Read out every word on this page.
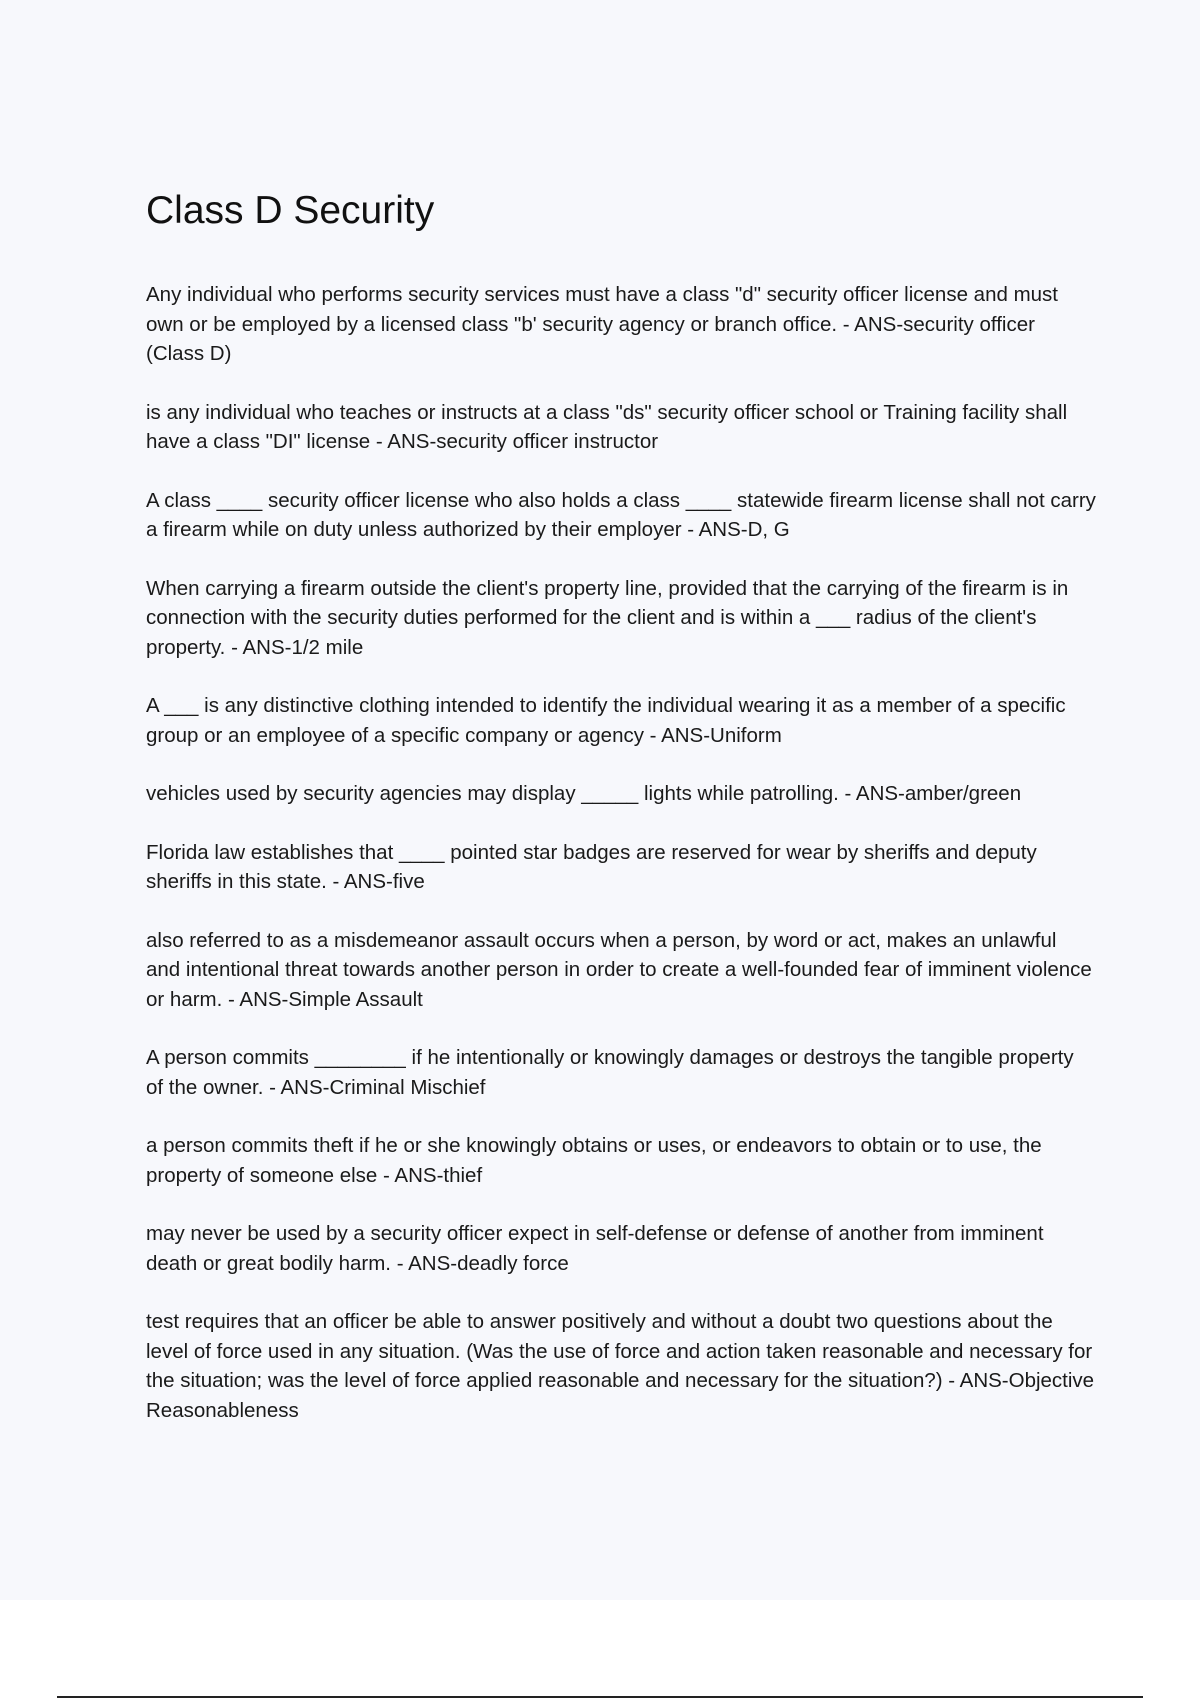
Class D Security
Any individual who performs security services must have a class "d" security officer license and must own or be employed by a licensed class "b' security agency or branch office. - ANS-security officer (Class D)
is any individual who teaches or instructs at a class "ds" security officer school or Training facility shall have a class "DI" license - ANS-security officer instructor
A class ____ security officer license who also holds a class ____ statewide firearm license shall not carry a firearm while on duty unless authorized by their employer - ANS-D, G
When carrying a firearm outside the client's property line, provided that the carrying of the firearm is in connection with the security duties performed for the client and is within a ___ radius of the client's property. - ANS-1/2 mile
A ___ is any distinctive clothing intended to identify the individual wearing it as a member of a specific group or an employee of a specific company or agency - ANS-Uniform
vehicles used by security agencies may display _____ lights while patrolling. - ANS-amber/green
Florida law establishes that ____ pointed star badges are reserved for wear by sheriffs and deputy sheriffs in this state. - ANS-five
also referred to as a misdemeanor assault occurs when a person, by word or act, makes an unlawful and intentional threat towards another person in order to create a well-founded fear of imminent violence or harm. - ANS-Simple Assault
A person commits ________ if he intentionally or knowingly damages or destroys the tangible property of the owner. - ANS-Criminal Mischief
a person commits theft if he or she knowingly obtains or uses, or endeavors to obtain or to use, the property of someone else - ANS-thief
may never be used by a security officer expect in self-defense or defense of another from imminent death or great bodily harm. - ANS-deadly force
test requires that an officer be able to answer positively and without a doubt two questions about the level of force used in any situation. (Was the use of force and action taken reasonable and necessary for the situation; was the level of force applied reasonable and necessary for the situation?) - ANS-Objective Reasonableness
